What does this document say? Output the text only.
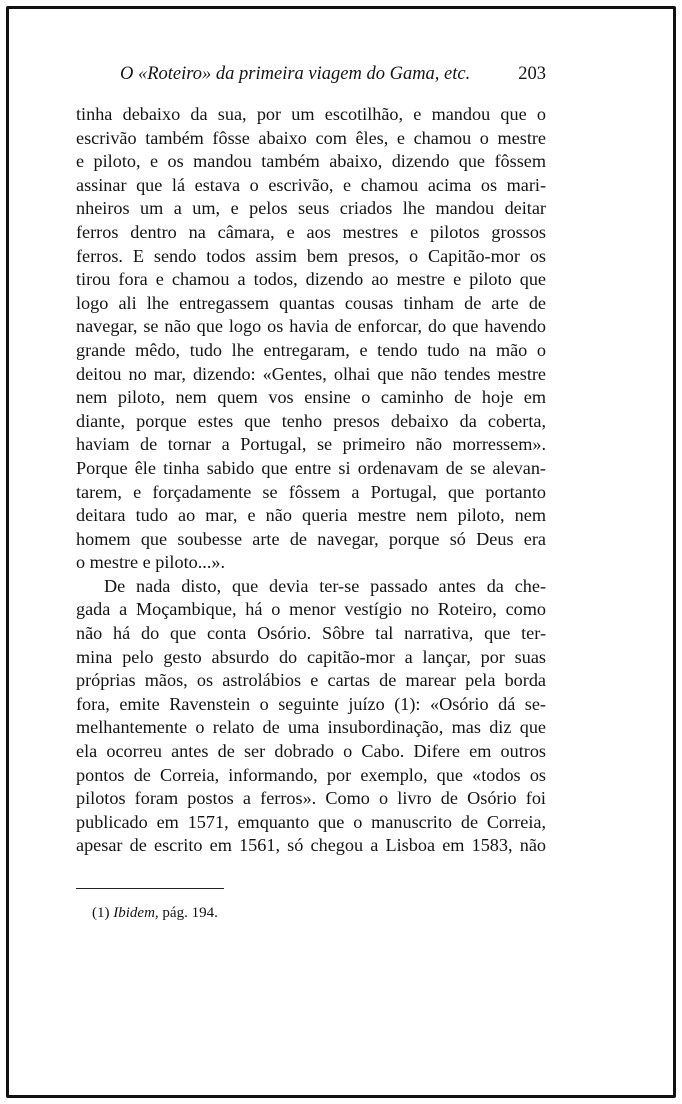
O «Roteiro» da primeira viagem do Gama, etc.	203
tinha debaixo da sua, por um escotilhão, e mandou que o
escrivão também fôsse abaixo com êles, e chamou o mestre
e piloto, e os mandou também abaixo, dizendo que fôssem
assinar que lá estava o escrivão, e chamou acima os mari-
nheiros um a um, e pelos seus criados lhe mandou deitar
ferros dentro na câmara, e aos mestres e pilotos grossos
ferros. E sendo todos assim bem presos, o Capitão-mor os
tirou fora e chamou a todos, dizendo ao mestre e piloto que
logo ali lhe entregassem quantas cousas tinham de arte de
navegar, se não que logo os havia de enforcar, do que havendo
grande mêdo, tudo lhe entregaram, e tendo tudo na mão o
deitou no mar, dizendo: «Gentes, olhai que não tendes mestre
nem piloto, nem quem vos ensine o caminho de hoje em
diante, porque estes que tenho presos debaixo da coberta,
haviam de tornar a Portugal, se primeiro não morressem».
Porque êle tinha sabido que entre si ordenavam de se alevan-
tarem, e forçadamente se fôssem a Portugal, que portanto
deitara tudo ao mar, e não queria mestre nem piloto, nem
homem que soubesse arte de navegar, porque só Deus era
o mestre e piloto...».
De nada disto, que devia ter-se passado antes da che-
gada a Moçambique, há o menor vestígio no Roteiro, como
não há do que conta Osório. Sôbre tal narrativa, que ter-
mina pelo gesto absurdo do capitão-mor a lançar, por suas
próprias mãos, os astrolábios e cartas de marear pela borda
fora, emite Ravenstein o seguinte juízo (1): «Osório dá se-
melhantemente o relato de uma insubordinação, mas diz que
ela ocorreu antes de ser dobrado o Cabo. Difere em outros
pontos de Correia, informando, por exemplo, que «todos os
pilotos foram postos a ferros». Como o livro de Osório foi
publicado em 1571, emquanto que o manuscrito de Correia,
apesar de escrito em 1561, só chegou a Lisboa em 1583, não
(1) Ibidem, pág. 194.
